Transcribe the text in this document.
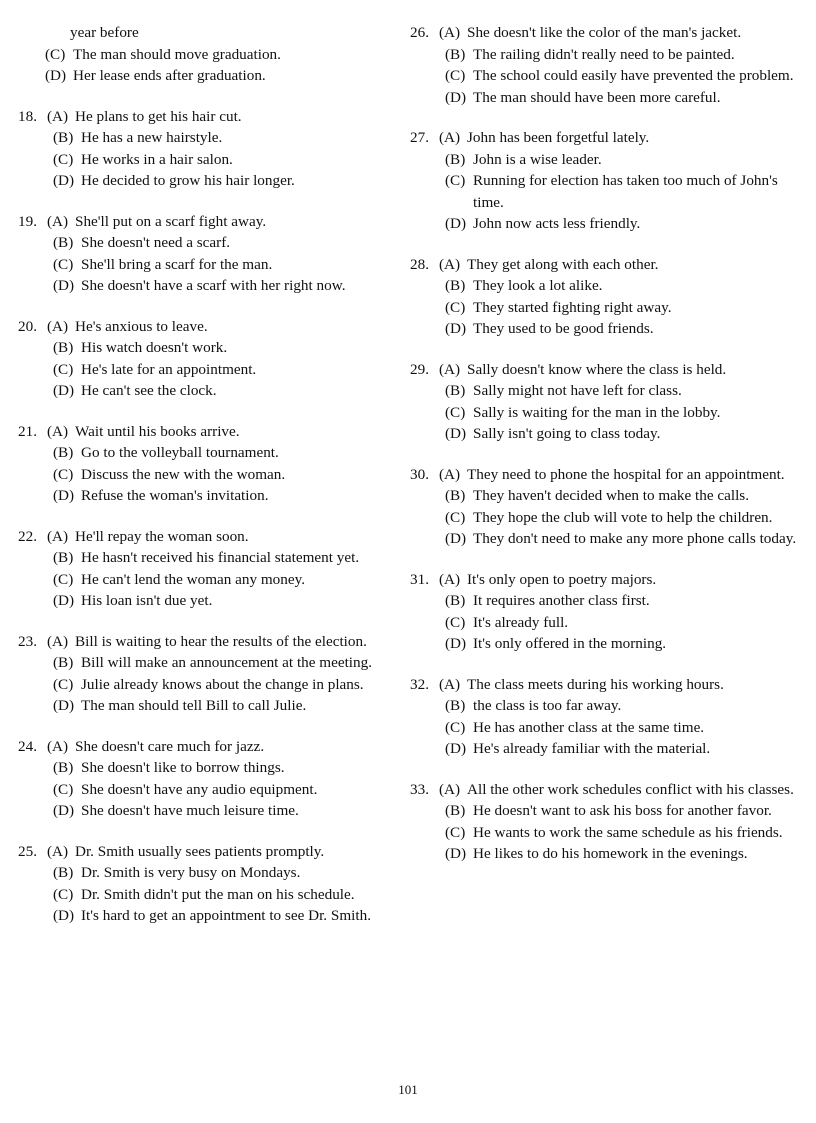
year before
(C) The man should move graduation.
(D) Her lease ends after graduation.
18. (A) He plans to get his hair cut.
(B) He has a new hairstyle.
(C) He works in a hair salon.
(D) He decided to grow his hair longer.
19. (A) She'll put on a scarf fight away.
(B) She doesn't need a scarf.
(C) She'll bring a scarf for the man.
(D) She doesn't have a scarf with her right now.
20. (A) He's anxious to leave.
(B) His watch doesn't work.
(C) He's late for an appointment.
(D) He can't see the clock.
21. (A) Wait until his books arrive.
(B) Go to the volleyball tournament.
(C) Discuss the new with the woman.
(D) Refuse the woman's invitation.
22. (A) He'll repay the woman soon.
(B) He hasn't received his financial statement yet.
(C) He can't lend the woman any money.
(D) His loan isn't due yet.
23. (A) Bill is waiting to hear the results of the election.
(B) Bill will make an announcement at the meeting.
(C) Julie already knows about the change in plans.
(D) The man should tell Bill to call Julie.
24. (A) She doesn't care much for jazz.
(B) She doesn't like to borrow things.
(C) She doesn't have any audio equipment.
(D) She doesn't have much leisure time.
25. (A) Dr. Smith usually sees patients promptly.
(B) Dr. Smith is very busy on Mondays.
(C) Dr. Smith didn't put the man on his schedule.
(D) It's hard to get an appointment to see Dr. Smith.
26. (A) She doesn't like the color of the man's jacket.
(B) The railing didn't really need to be painted.
(C) The school could easily have prevented the problem.
(D) The man should have been more careful.
27. (A) John has been forgetful lately.
(B) John is a wise leader.
(C) Running for election has taken too much of John's time.
(D) John now acts less friendly.
28. (A) They get along with each other.
(B) They look a lot alike.
(C) They started fighting right away.
(D) They used to be good friends.
29. (A) Sally doesn't know where the class is held.
(B) Sally might not have left for class.
(C) Sally is waiting for the man in the lobby.
(D) Sally isn't going to class today.
30. (A) They need to phone the hospital for an appointment.
(B) They haven't decided when to make the calls.
(C) They hope the club will vote to help the children.
(D) They don't need to make any more phone calls today.
31. (A) It's only open to poetry majors.
(B) It requires another class first.
(C) It's already full.
(D) It's only offered in the morning.
32. (A) The class meets during his working hours.
(B) the class is too far away.
(C) He has another class at the same time.
(D) He's already familiar with the material.
33. (A) All the other work schedules conflict with his classes.
(B) He doesn't want to ask his boss for another favor.
(C) He wants to work the same schedule as his friends.
(D) He likes to do his homework in the evenings.
101
